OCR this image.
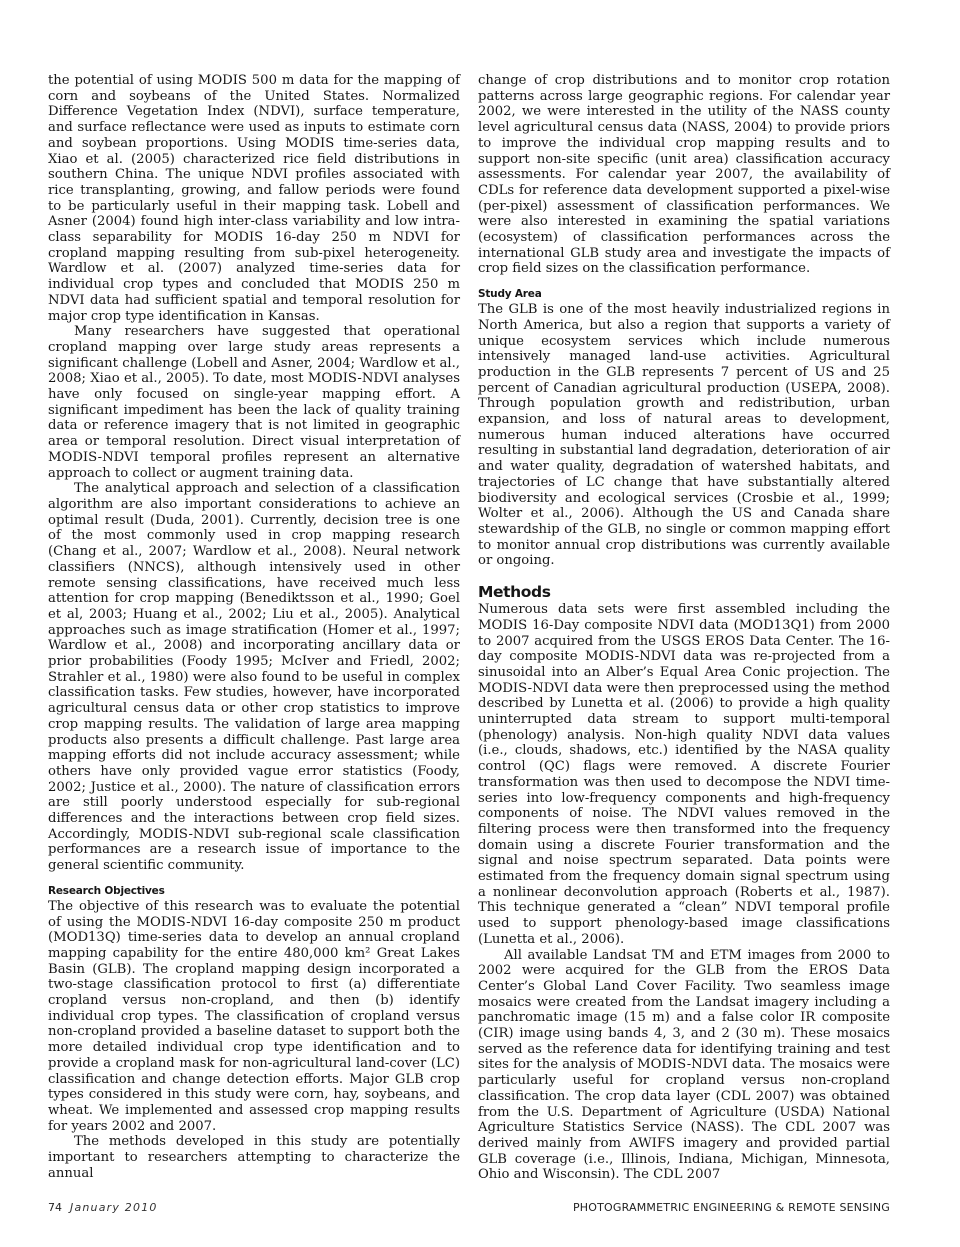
the potential of using MODIS 500 m data for the mapping of corn and soybeans of the United States. Normalized Difference Vegetation Index (NDVI), surface temperature, and surface reflectance were used as inputs to estimate corn and soybean proportions. Using MODIS time-series data, Xiao et al. (2005) characterized rice field distributions in southern China. The unique NDVI profiles associated with rice transplanting, growing, and fallow periods were found to be particularly useful in their mapping task. Lobell and Asner (2004) found high inter-class variability and low intra-class separability for MODIS 16-day 250 m NDVI for cropland mapping resulting from sub-pixel heterogeneity. Wardlow et al. (2007) analyzed time-series data for individual crop types and concluded that MODIS 250 m NDVI data had sufficient spatial and temporal resolution for major crop type identification in Kansas.

Many researchers have suggested that operational cropland mapping over large study areas represents a significant challenge (Lobell and Asner, 2004; Wardlow et al., 2008; Xiao et al., 2005). To date, most MODIS-NDVI analyses have only focused on single-year mapping effort. A significant impediment has been the lack of quality training data or reference imagery that is not limited in geographic area or temporal resolution. Direct visual interpretation of MODIS-NDVI temporal profiles represent an alternative approach to collect or augment training data.

The analytical approach and selection of a classification algorithm are also important considerations to achieve an optimal result (Duda, 2001). Currently, decision tree is one of the most commonly used in crop mapping research (Chang et al., 2007; Wardlow et al., 2008). Neural network classifiers (NNCS), although intensively used in other remote sensing classifications, have received much less attention for crop mapping (Benediktsson et al., 1990; Goel et al, 2003; Huang et al., 2002; Liu et al., 2005). Analytical approaches such as image stratification (Homer et al., 1997; Wardlow et al., 2008) and incorporating ancillary data or prior probabilities (Foody 1995; McIver and Friedl, 2002; Strahler et al., 1980) were also found to be useful in complex classification tasks. Few studies, however, have incorporated agricultural census data or other crop statistics to improve crop mapping results. The validation of large area mapping products also presents a difficult challenge. Past large area mapping efforts did not include accuracy assessment; while others have only provided vague error statistics (Foody, 2002; Justice et al., 2000). The nature of classification errors are still poorly understood especially for sub-regional differences and the interactions between crop field sizes. Accordingly, MODIS-NDVI sub-regional scale classification performances are a research issue of importance to the general scientific community.

Research Objectives

The objective of this research was to evaluate the potential of using the MODIS-NDVI 16-day composite 250 m product (MOD13Q) time-series data to develop an annual cropland mapping capability for the entire 480,000 km² Great Lakes Basin (GLB). The cropland mapping design incorporated a two-stage classification protocol to first (a) differentiate cropland versus non-cropland, and then (b) identify individual crop types. The classification of cropland versus non-cropland provided a baseline dataset to support both the more detailed individual crop type identification and to provide a cropland mask for non-agricultural land-cover (LC) classification and change detection efforts. Major GLB crop types considered in this study were corn, hay, soybeans, and wheat. We implemented and assessed crop mapping results for years 2002 and 2007.

The methods developed in this study are potentially important to researchers attempting to characterize the annual

change of crop distributions and to monitor crop rotation patterns across large geographic regions. For calendar year 2002, we were interested in the utility of the NASS county level agricultural census data (NASS, 2004) to provide priors to improve the individual crop mapping results and to support non-site specific (unit area) classification accuracy assessments. For calendar year 2007, the availability of CDLs for reference data development supported a pixel-wise (per-pixel) assessment of classification performances. We were also interested in examining the spatial variations (ecosystem) of classification performances across the international GLB study area and investigate the impacts of crop field sizes on the classification performance.

Study Area

The GLB is one of the most heavily industrialized regions in North America, but also a region that supports a variety of unique ecosystem services which include numerous intensively managed land-use activities. Agricultural production in the GLB represents 7 percent of US and 25 percent of Canadian agricultural production (USEPA, 2008). Through population growth and redistribution, urban expansion, and loss of natural areas to development, numerous human induced alterations have occurred resulting in substantial land degradation, deterioration of air and water quality, degradation of watershed habitats, and trajectories of LC change that have substantially altered biodiversity and ecological services (Crosbie et al., 1999; Wolter et al., 2006). Although the US and Canada share stewardship of the GLB, no single or common mapping effort to monitor annual crop distributions was currently available or ongoing.

Methods

Numerous data sets were first assembled including the MODIS 16-Day composite NDVI data (MOD13Q1) from 2000 to 2007 acquired from the USGS EROS Data Center. The 16-day composite MODIS-NDVI data was re-projected from a sinusoidal into an Alber’s Equal Area Conic projection. The MODIS-NDVI data were then preprocessed using the method described by Lunetta et al. (2006) to provide a high quality uninterrupted data stream to support multi-temporal (phenology) analysis. Non-high quality NDVI data values (i.e., clouds, shadows, etc.) identified by the NASA quality control (QC) flags were removed. A discrete Fourier transformation was then used to decompose the NDVI time-series into low-frequency components and high-frequency components of noise. The NDVI values removed in the filtering process were then transformed into the frequency domain using a discrete Fourier transformation and the signal and noise spectrum separated. Data points were estimated from the frequency domain signal spectrum using a nonlinear deconvolution approach (Roberts et al., 1987). This technique generated a “clean” NDVI temporal profile used to support phenology-based image classifications (Lunetta et al., 2006).

All available Landsat TM and ETM images from 2000 to 2002 were acquired for the GLB from the EROS Data Center’s Global Land Cover Facility. Two seamless image mosaics were created from the Landsat imagery including a panchromatic image (15 m) and a false color IR composite (CIR) image using bands 4, 3, and 2 (30 m). These mosaics served as the reference data for identifying training and test sites for the analysis of MODIS-NDVI data. The mosaics were particularly useful for cropland versus non-cropland classification. The crop data layer (CDL 2007) was obtained from the U.S. Department of Agriculture (USDA) National Agriculture Statistics Service (NASS). The CDL 2007 was derived mainly from AWIFS imagery and provided partial GLB coverage (i.e., Illinois, Indiana, Michigan, Minnesota, Ohio and Wisconsin). The CDL 2007

74 January 2010	PHOTOGRAMMETRIC ENGINEERING & REMOTE SENSING
